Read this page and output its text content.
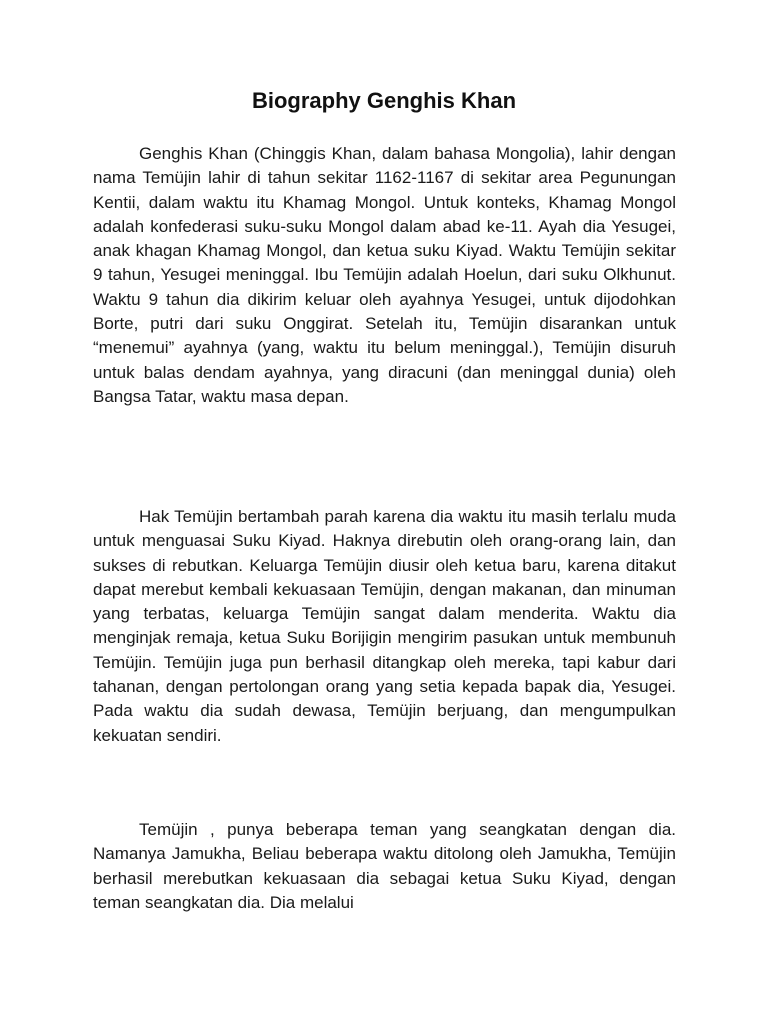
Biography Genghis Khan

Genghis Khan (Chinggis Khan, dalam bahasa Mongolia), lahir dengan nama Temüjin lahir di tahun sekitar 1162-1167 di sekitar area Pegunungan Kentii, dalam waktu itu Khamag Mongol. Untuk konteks, Khamag Mongol adalah konfederasi suku-suku Mongol dalam abad ke-11. Ayah dia Yesugei, anak khagan Khamag Mongol, dan ketua suku Kiyad. Waktu Temüjin sekitar 9 tahun, Yesugei meninggal. Ibu Temüjin adalah Hoelun, dari suku Olkhunut. Waktu 9 tahun dia dikirim keluar oleh ayahnya Yesugei, untuk dijodohkan Borte, putri dari suku Onggirat. Setelah itu, Temüjin disarankan untuk “menemui” ayahnya (yang, waktu itu belum meninggal.), Temüjin disuruh untuk balas dendam ayahnya, yang diracuni (dan meninggal dunia) oleh Bangsa Tatar, waktu masa depan.

Hak Temüjin bertambah parah karena dia waktu itu masih terlalu muda untuk menguasai Suku Kiyad. Haknya direbutin oleh orang-orang lain, dan sukses di rebutkan. Keluarga Temüjin diusir oleh ketua baru, karena ditakut dapat merebut kembali kekuasaan Temüjin, dengan makanan, dan minuman yang terbatas, keluarga Temüjin sangat dalam menderita. Waktu dia menginjak remaja, ketua Suku Borijigin mengirim pasukan untuk membunuh Temüjin. Temüjin juga pun berhasil ditangkap oleh mereka, tapi kabur dari tahanan, dengan pertolongan orang yang setia kepada bapak dia, Yesugei. Pada waktu dia sudah dewasa, Temüjin berjuang, dan mengumpulkan kekuatan sendiri.

Temüjin , punya beberapa teman yang seangkatan dengan dia. Namanya Jamukha, Beliau beberapa waktu ditolong oleh Jamukha, Temüjin berhasil merebutkan kekuasaan dia sebagai ketua Suku Kiyad, dengan teman seangkatan dia. Dia melalui
